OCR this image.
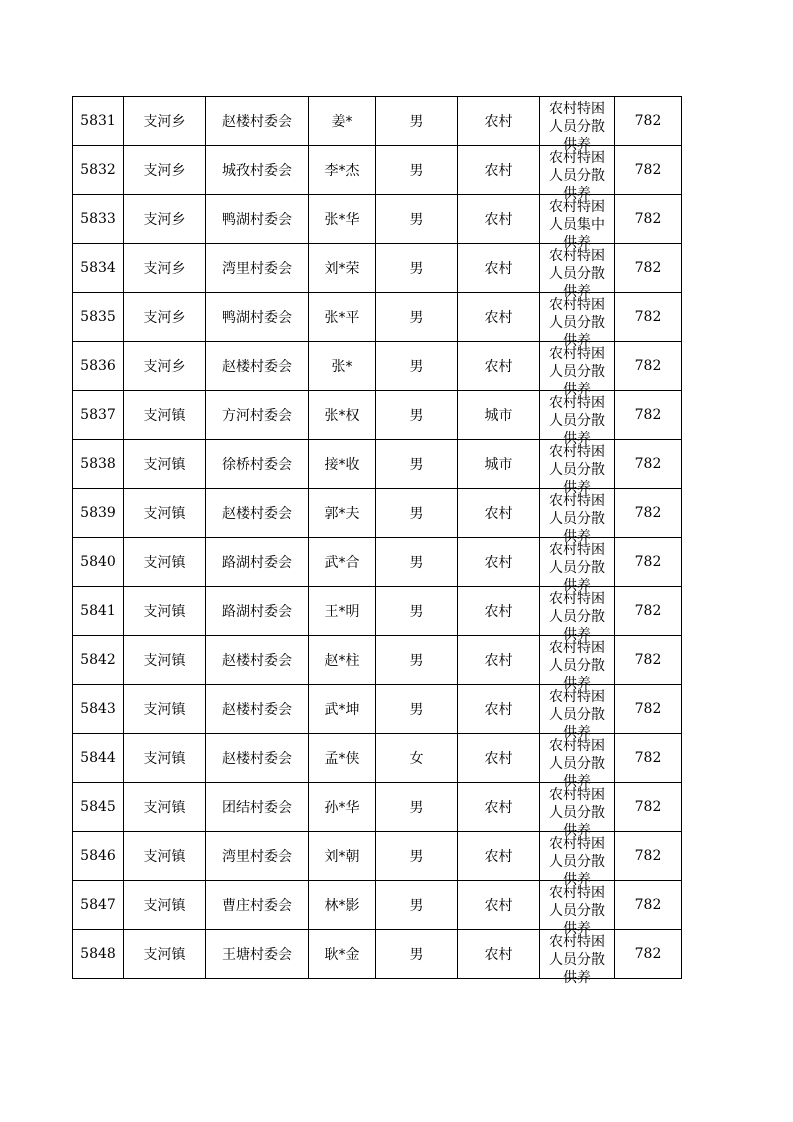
5831	支河乡	赵楼村委会	姜*	男	农村	农村特困人员分散供养	782
5832	支河乡	城孜村委会	李*杰	男	农村	农村特困人员分散供养	782
5833	支河乡	鸭湖村委会	张*华	男	农村	农村特困人员集中供养	782
5834	支河乡	湾里村委会	刘*荣	男	农村	农村特困人员分散供养	782
5835	支河乡	鸭湖村委会	张*平	男	农村	农村特困人员分散供养	782
5836	支河乡	赵楼村委会	张*	男	农村	农村特困人员分散供养	782
5837	支河镇	方河村委会	张*权	男	城市	农村特困人员分散供养	782
5838	支河镇	徐桥村委会	接*收	男	城市	农村特困人员分散供养	782
5839	支河镇	赵楼村委会	郭*夫	男	农村	农村特困人员分散供养	782
5840	支河镇	路湖村委会	武*合	男	农村	农村特困人员分散供养	782
5841	支河镇	路湖村委会	王*明	男	农村	农村特困人员分散供养	782
5842	支河镇	赵楼村委会	赵*柱	男	农村	农村特困人员分散供养	782
5843	支河镇	赵楼村委会	武*坤	男	农村	农村特困人员分散供养	782
5844	支河镇	赵楼村委会	孟*侠	女	农村	农村特困人员分散供养	782
5845	支河镇	团结村委会	孙*华	男	农村	农村特困人员分散供养	782
5846	支河镇	湾里村委会	刘*朝	男	农村	农村特困人员分散供养	782
5847	支河镇	曹庄村委会	林*影	男	农村	农村特困人员分散供养	782
5848	支河镇	王塘村委会	耿*金	男	农村	农村特困人员分散供养	782
